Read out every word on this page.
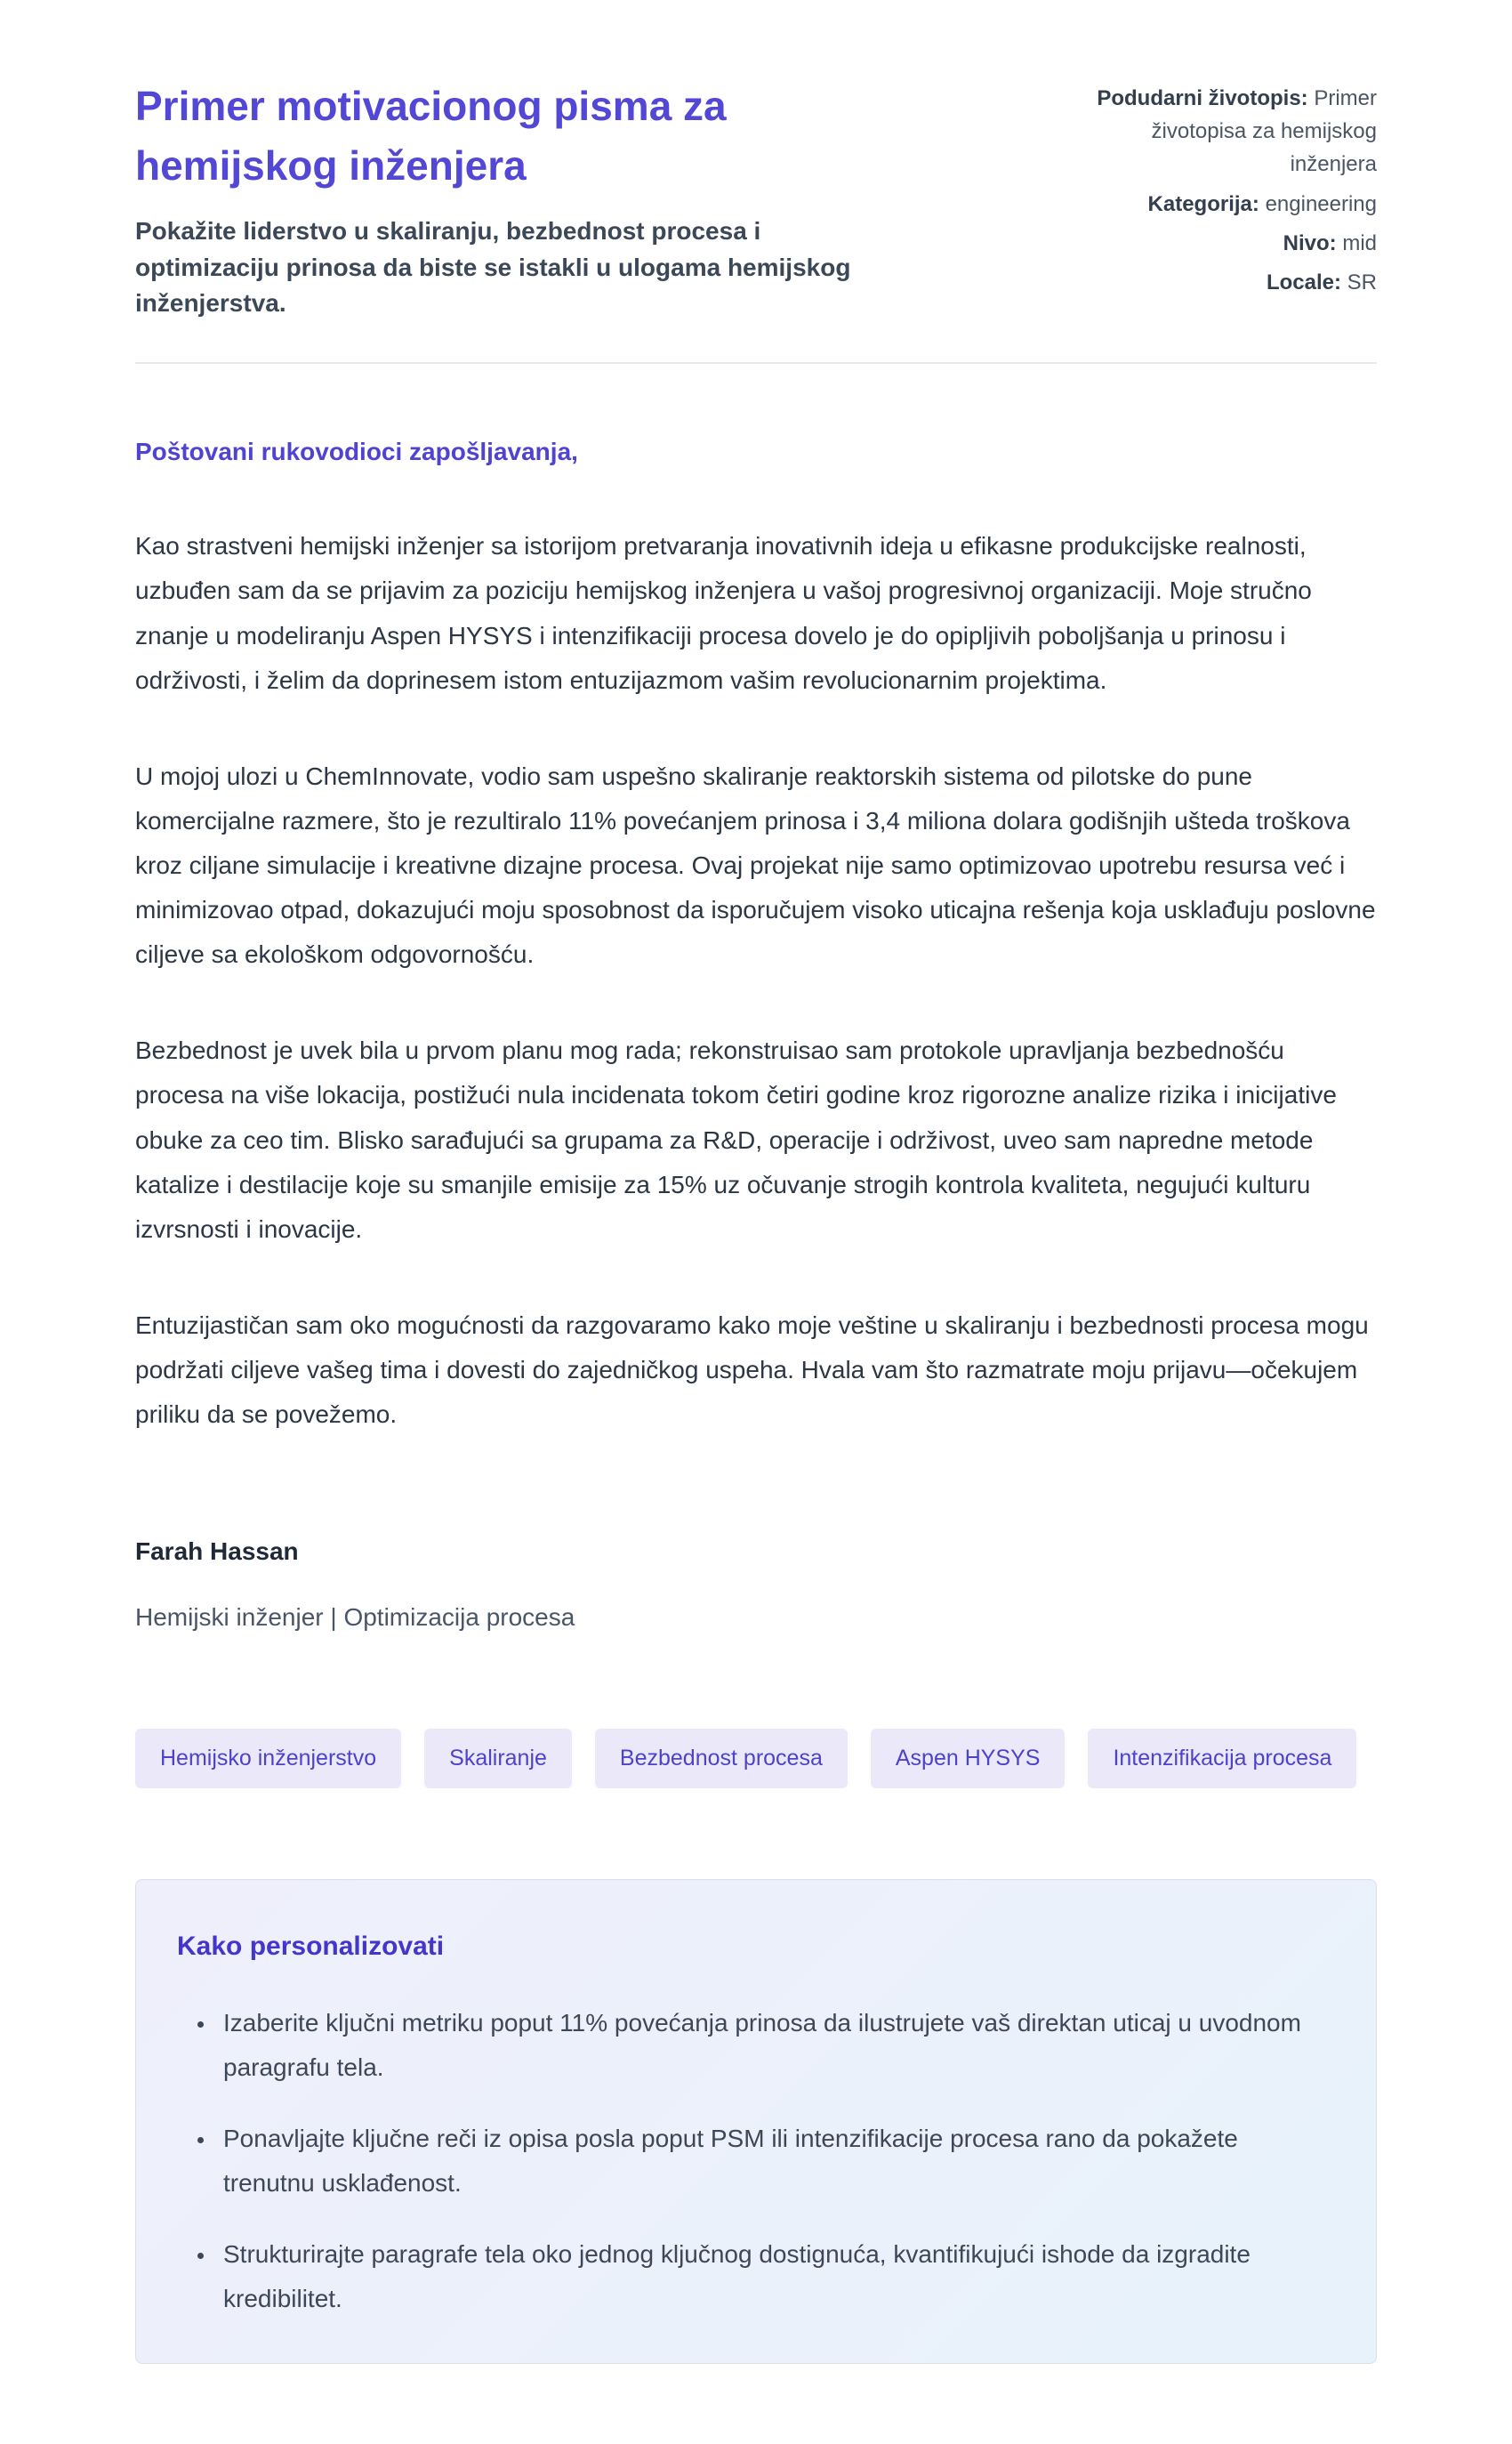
Primer motivacionog pisma za hemijskog inženjera

Pokažite liderstvo u skaliranju, bezbednost procesa i optimizaciju prinosa da biste se istakli u ulogama hemijskog inženjerstva.

Podudarni životopis: Primer životopisa za hemijskog inženjera

Kategorija: engineering

Nivo: mid

Locale: SR

Poštovani rukovodioci zapošljavanja,

Kao strastveni hemijski inženjer sa istorijom pretvaranja inovativnih ideja u efikasne produkcijske realnosti, uzbuđen sam da se prijavim za poziciju hemijskog inženjera u vašoj progresivnoj organizaciji. Moje stručno znanje u modeliranju Aspen HYSYS i intenzifikaciji procesa dovelo je do opipljivih poboljšanja u prinosu i održivosti, i želim da doprinesem istom entuzijazmom vašim revolucionarnim projektima.

U mojoj ulozi u ChemInnovate, vodio sam uspešno skaliranje reaktorskih sistema od pilotske do pune komercijalne razmere, što je rezultiralo 11% povećanjem prinosa i 3,4 miliona dolara godišnjih ušteda troškova kroz ciljane simulacije i kreativne dizajne procesa. Ovaj projekat nije samo optimizovao upotrebu resursa već i minimizovao otpad, dokazujući moju sposobnost da isporučujem visoko uticajna rešenja koja usklađuju poslovne ciljeve sa ekološkom odgovornošću.

Bezbednost je uvek bila u prvom planu mog rada; rekonstruisao sam protokole upravljanja bezbednošću procesa na više lokacija, postižući nula incidenata tokom četiri godine kroz rigorozne analize rizika i inicijative obuke za ceo tim. Blisko sarađujući sa grupama za R&D, operacije i održivost, uveo sam napredne metode katalize i destilacije koje su smanjile emisije za 15% uz očuvanje strogih kontrola kvaliteta, negujući kulturu izvrsnosti i inovacije.

Entuzijastičan sam oko mogućnosti da razgovaramo kako moje veštine u skaliranju i bezbednosti procesa mogu podržati ciljeve vašeg tima i dovesti do zajedničkog uspeha. Hvala vam što razmatrate moju prijavu—očekujem priliku da se povežemo.

Farah Hassan

Hemijski inženjer | Optimizacija procesa

Hemijsko inženjerstvo	Skaliranje	Bezbednost procesa	Aspen HYSYS	Intenzifikacija procesa
Kako personalizovati
• Izaberite ključni metriku poput 11% povećanja prinosa da ilustrujete vaš direktan uticaj u uvodnom paragrafu tela.
• Ponavljajte ključne reči iz opisa posla poput PSM ili intenzifikacije procesa rano da pokažete trenutnu usklađenost.
• Strukturirajte paragrafe tela oko jednog ključnog dostignuća, kvantifikujući ishode da izgradite kredibilitet.
